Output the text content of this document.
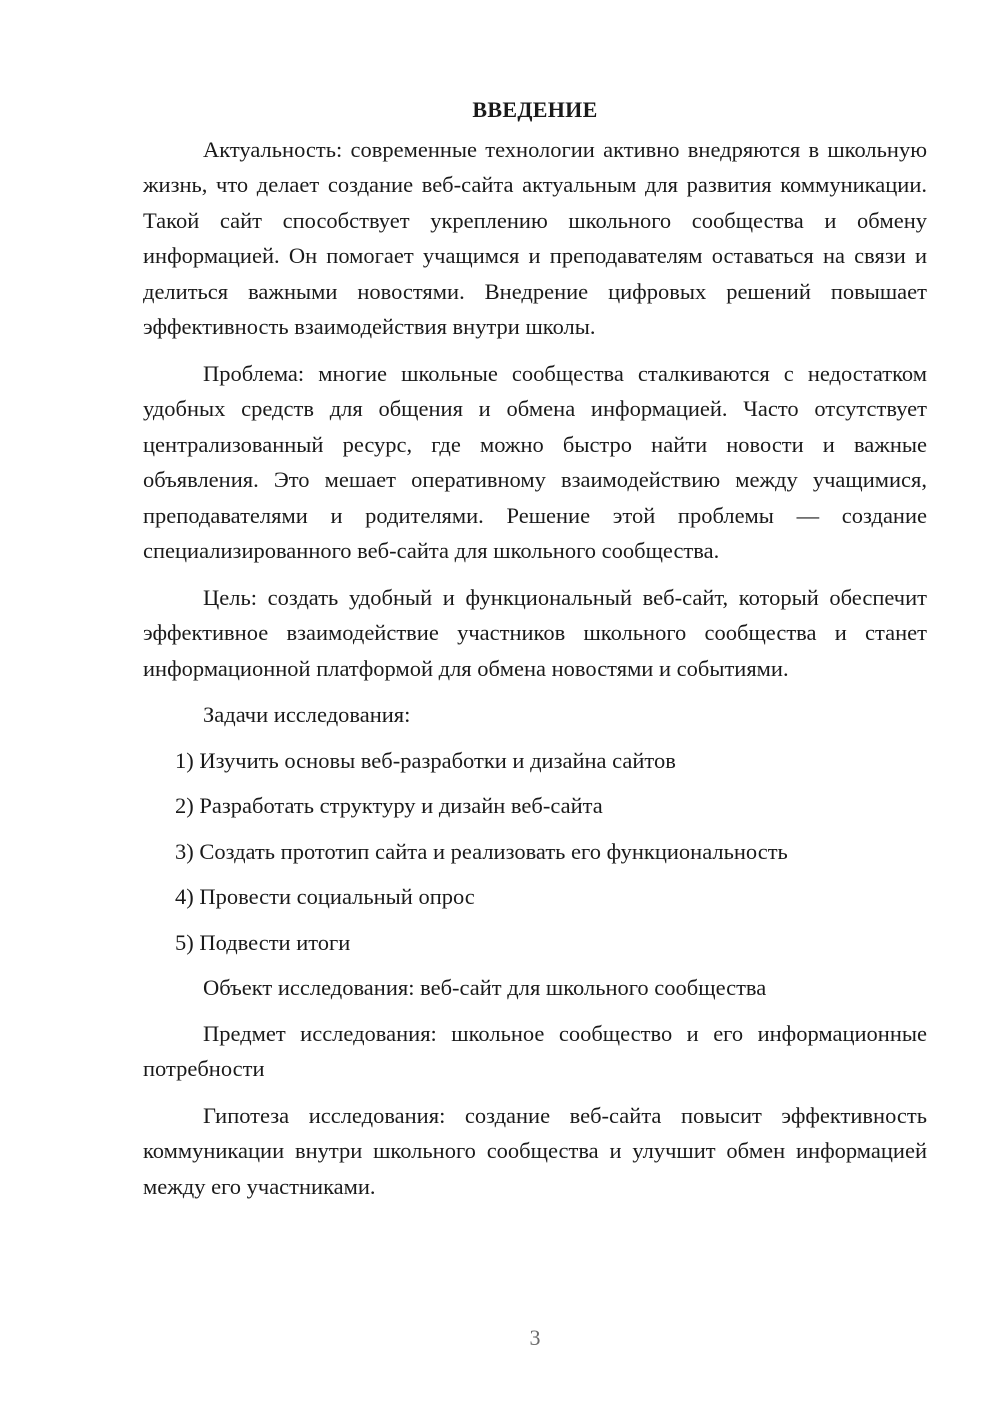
ВВЕДЕНИЕ

Актуальность: современные технологии активно внедряются в школьную жизнь, что делает создание веб-сайта актуальным для развития коммуникации. Такой сайт способствует укреплению школьного сообщества и обмену информацией. Он помогает учащимся и преподавателям оставаться на связи и делиться важными новостями. Внедрение цифровых решений повышает эффективность взаимодействия внутри школы.

Проблема: многие школьные сообщества сталкиваются с недостатком удобных средств для общения и обмена информацией. Часто отсутствует централизованный ресурс, где можно быстро найти новости и важные объявления. Это мешает оперативному взаимодействию между учащимися, преподавателями и родителями. Решение этой проблемы — создание специализированного веб-сайта для школьного сообщества.

Цель: создать удобный и функциональный веб-сайт, который обеспечит эффективное взаимодействие участников школьного сообщества и станет информационной платформой для обмена новостями и событиями.

Задачи исследования:
1) Изучить основы веб-разработки и дизайна сайтов
2) Разработать структуру и дизайн веб-сайта
3) Создать прототип сайта и реализовать его функциональность
4) Провести социальный опрос
5) Подвести итоги
Объект исследования: веб-сайт для школьного сообщества

Предмет исследования: школьное сообщество и его информационные потребности

Гипотеза исследования: создание веб-сайта повысит эффективность коммуникации внутри школьного сообщества и улучшит обмен информацией между его участниками.

3
